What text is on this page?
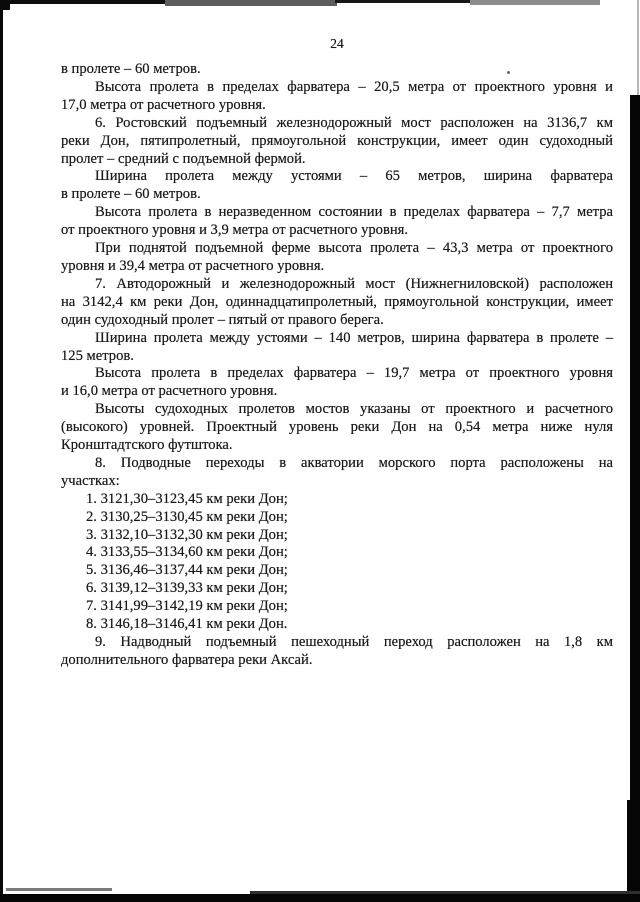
24
в пролете – 60 метров.
Высота пролета в пределах фарватера – 20,5 метра от проектного уровня и
17,0 метра от расчетного уровня.
6. Ростовский подъемный железнодорожный мост расположен на 3136,7 км
реки Дон, пятипролетный, прямоугольной конструкции, имеет один судоходный
пролет – средний с подъемной фермой.
Ширина пролета между устоями – 65 метров, ширина фарватера
в пролете – 60 метров.
Высота пролета в неразведенном состоянии в пределах фарватера – 7,7 метра
от проектного уровня и 3,9 метра от расчетного уровня.
При поднятой подъемной ферме высота пролета – 43,3 метра от проектного
уровня и 39,4 метра от расчетного уровня.
7. Автодорожный и железнодорожный мост (Нижнегниловской) расположен
на 3142,4 км реки Дон, одиннадцатипролетный, прямоугольной конструкции, имеет
один судоходный пролет – пятый от правого берега.
Ширина пролета между устоями – 140 метров, ширина фарватера в пролете –
125 метров.
Высота пролета в пределах фарватера – 19,7 метра от проектного уровня
и 16,0 метра от расчетного уровня.
Высоты судоходных пролетов мостов указаны от проектного и расчетного
(высокого) уровней. Проектный уровень реки Дон на 0,54 метра ниже нуля
Кронштадтского футштока.
8. Подводные переходы в акватории морского порта расположены на
участках:
1. 3121,30–3123,45 км реки Дон;
2. 3130,25–3130,45 км реки Дон;
3. 3132,10–3132,30 км реки Дон;
4. 3133,55–3134,60 км реки Дон;
5. 3136,46–3137,44 км реки Дон;
6. 3139,12–3139,33 км реки Дон;
7. 3141,99–3142,19 км реки Дон;
8. 3146,18–3146,41 км реки Дон.
9. Надводный подъемный пешеходный переход расположен на 1,8 км
дополнительного фарватера реки Аксай.
